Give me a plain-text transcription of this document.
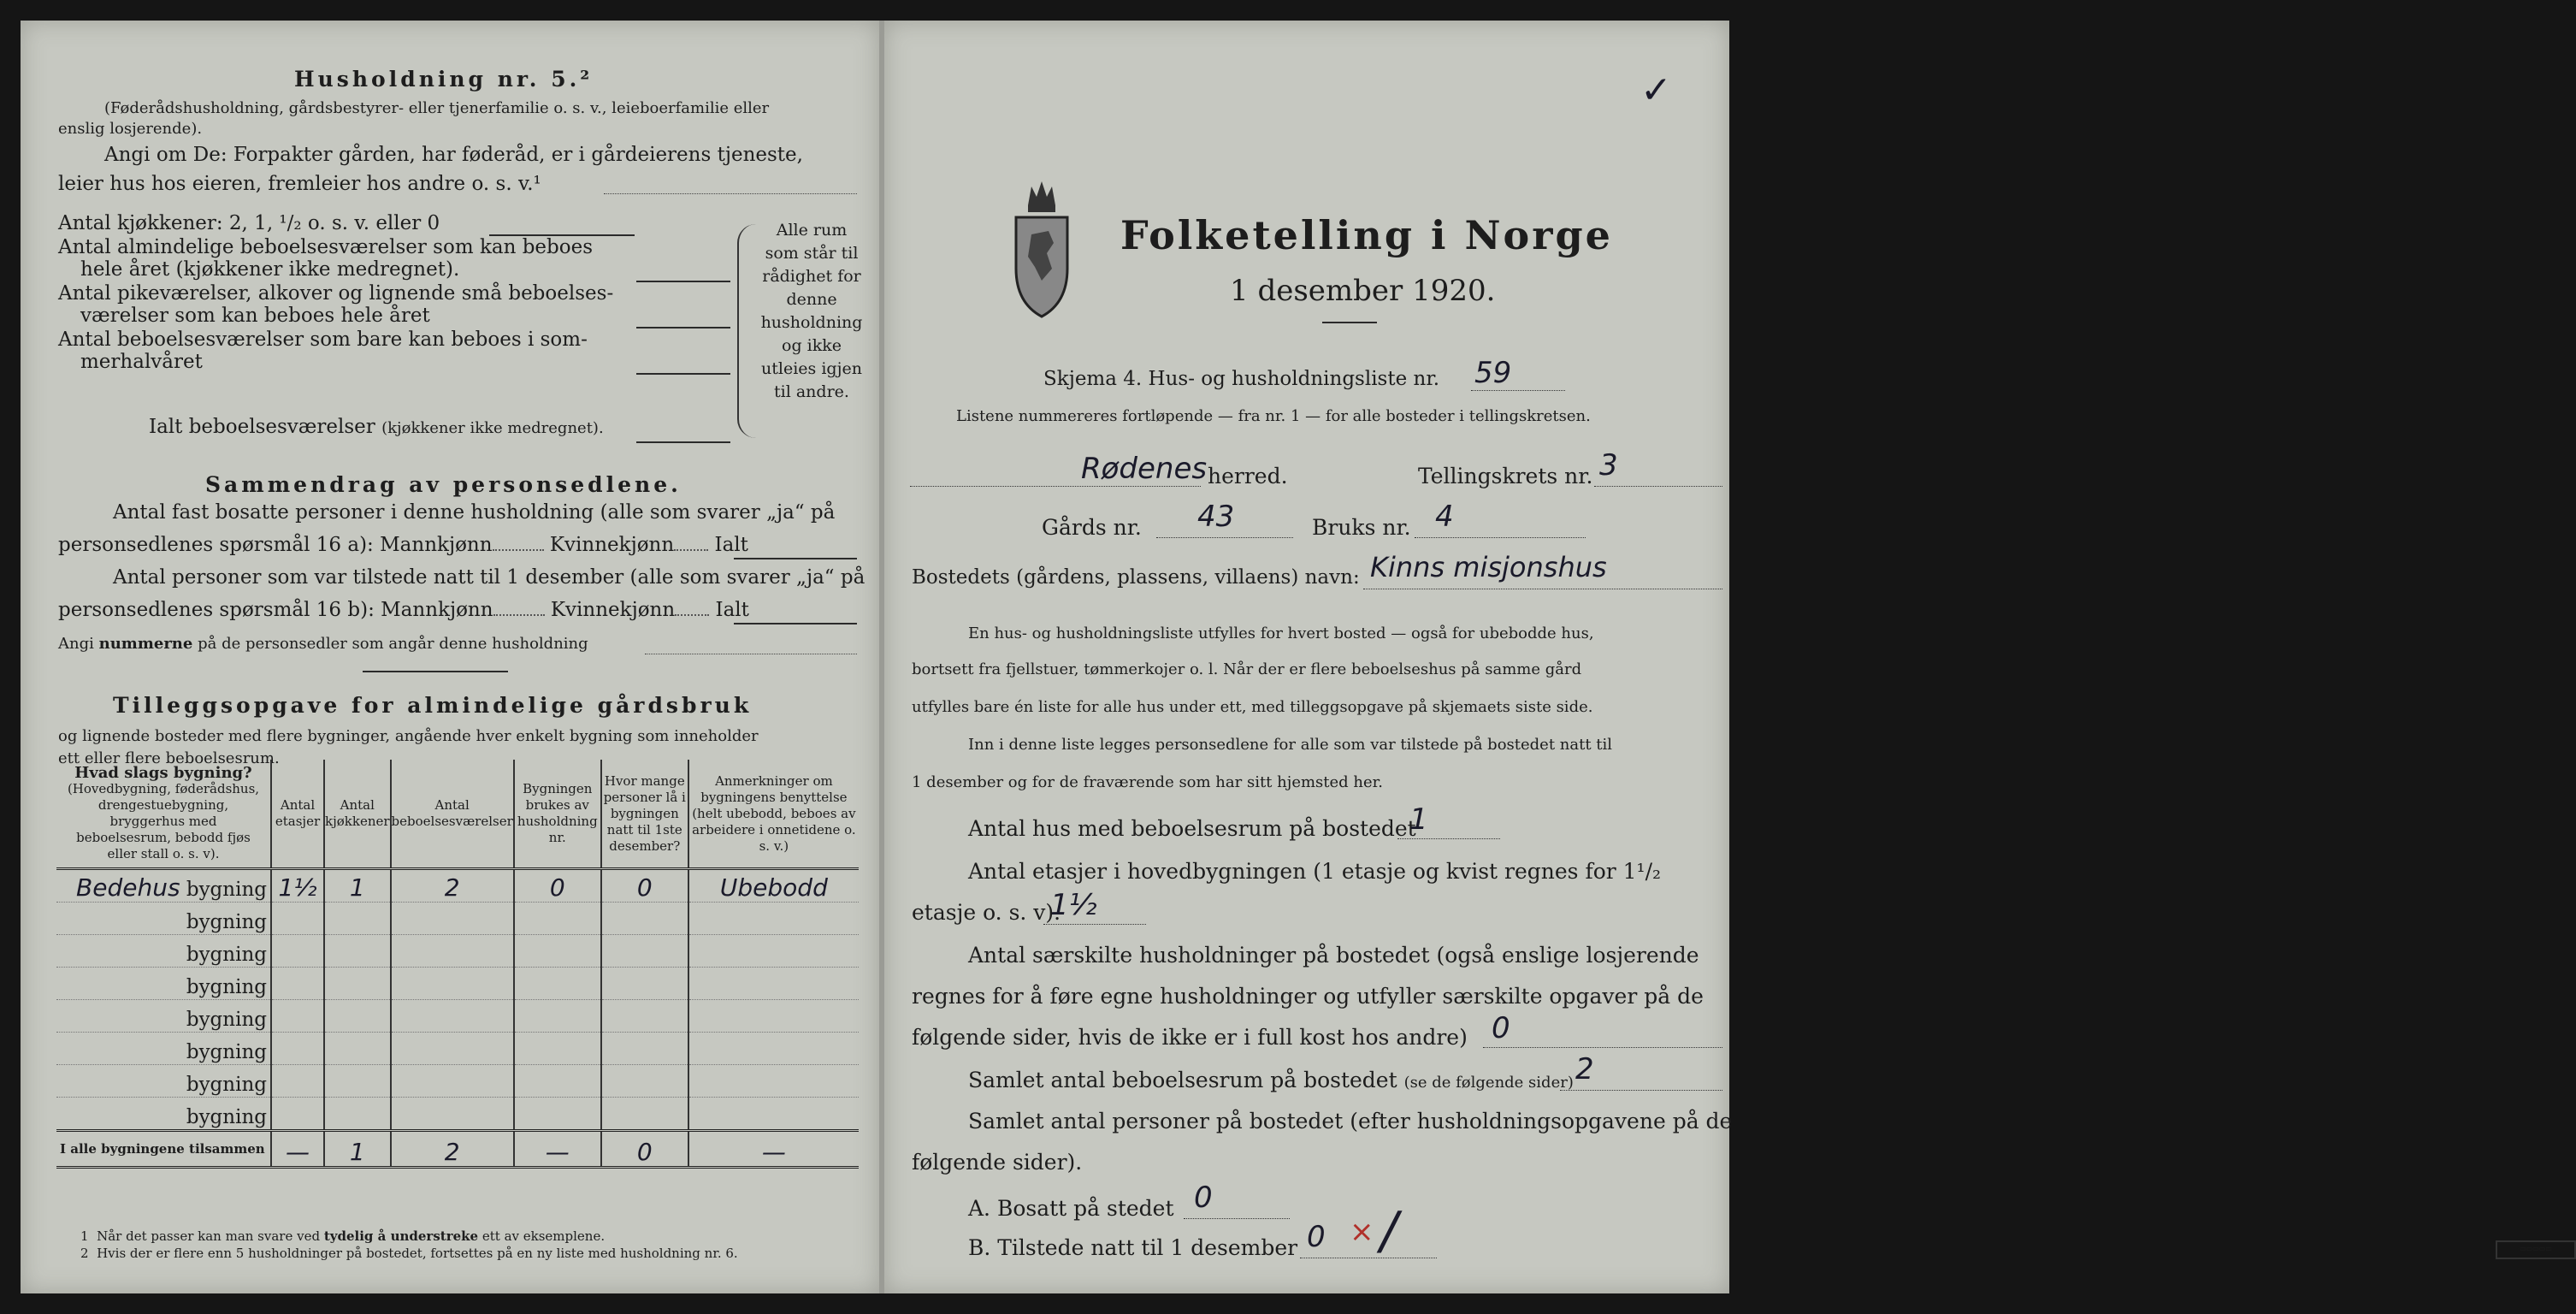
Husholdning nr. 5.²
(Føderådshusholdning, gårdsbestyrer- eller tjenerfamilie o. s. v., leieboerfamilie eller
enslig losjerende).
Angi om De: Forpakter gården, har føderåd, er i gårdeierens tjeneste,
leier hus hos eieren, fremleier hos andre o. s. v.¹
Antal kjøkkener: 2, 1, ¹/₂ o. s. v. eller 0
Antal almindelige beboelsesværelser som kan beboes
hele året (kjøkkener ikke medregnet).
Antal pikeværelser, alkover og lignende små beboelses-
værelser som kan beboes hele året
Antal beboelsesværelser som bare kan beboes i som-
merhalvåret
Ialt beboelsesværelser (kjøkkener ikke medregnet).
Alle rum som står til rådighet for denne husholdning og ikke utleies igjen til andre.
Sammendrag av personsedlene.
Antal fast bosatte personer i denne husholdning (alle som svarer „ja“ på
personsedlenes spørsmål 16 a): Mannkjønn	Kvinnekjønn Ialt
Antal personer som var tilstede natt til 1 desember (alle som svarer „ja“ på
personsedlenes spørsmål 16 b): Mannkjønn	Kvinnekjønn Ialt
Angi nummerne på de personsedler som angår denne husholdning
Tilleggsopgave for almindelige gårdsbruk
og lignende bosteder med flere bygninger, angående hver enkelt bygning som inneholder
ett eller flere beboelsesrum.
Hvad slags bygning?
(Hovedbygning, føderådshus, drengestuebygning, bryggerhus med beboelsesrum, bebodd fjøs eller stall o. s. v).	Antal etasjer	Antal kjøkkener	Antal beboelsesværelser	Bygningen brukes av husholdning nr.	Hvor mange personer lå i bygningen natt til 1ste desember?	Anmerkninger om bygningens benyttelse (helt ubebodd, beboes av arbeidere i onnetidene o. s. v.)
Bedehus bygning	1½	1	2	0	0	Ubebodd
bygning						
bygning						
bygning						
bygning						
bygning						
bygning						
bygning						
I alle bygningene tilsammen	—	1	2	—	0	—
1 Når det passer kan man svare ved tydelig å understreke ett av eksemplene.
2 Hvis der er flere enn 5 husholdninger på bostedet, fortsettes på en ny liste med husholdning nr. 6.
✓
Folketelling i Norge
1 desember 1920.
Skjema 4. Hus- og husholdningsliste nr. 59
Listene nummereres fortløpende — fra nr. 1 — for alle bosteder i tellingskretsen.
Rødenes herred.	Tellingskrets nr. 3
Gårds nr. 43	Bruks nr. 4
Bostedets (gårdens, plassens, villaens) navn: Kinns misjonshus
En hus- og husholdningsliste utfylles for hvert bosted — også for ubebodde hus,
bortsett fra fjellstuer, tømmerkojer o. l. Når der er flere beboelseshus på samme gård
utfylles bare én liste for alle hus under ett, med tilleggsopgave på skjemaets siste side.
Inn i denne liste legges personsedlene for alle som var tilstede på bostedet natt til
1 desember og for de fraværende som har sitt hjemsted her.
Antal hus med beboelsesrum på bostedet
1
Antal etasjer i hovedbygningen (1 etasje og kvist regnes for 1¹/₂
etasje o. s. v).
1½
Antal særskilte husholdninger på bostedet (også enslige losjerende
regnes for å føre egne husholdninger og utfyller særskilte opgaver på de
følgende sider, hvis de ikke er i full kost hos andre) 0
Samlet antal beboelsesrum på bostedet (se de følgende sider) 2
Samlet antal personer på bostedet (efter husholdningsopgavene på de
følgende sider).
A. Bosatt på stedet 0
B. Tilstede natt til 1 desember 0 × /	▭▭▭▭▭
